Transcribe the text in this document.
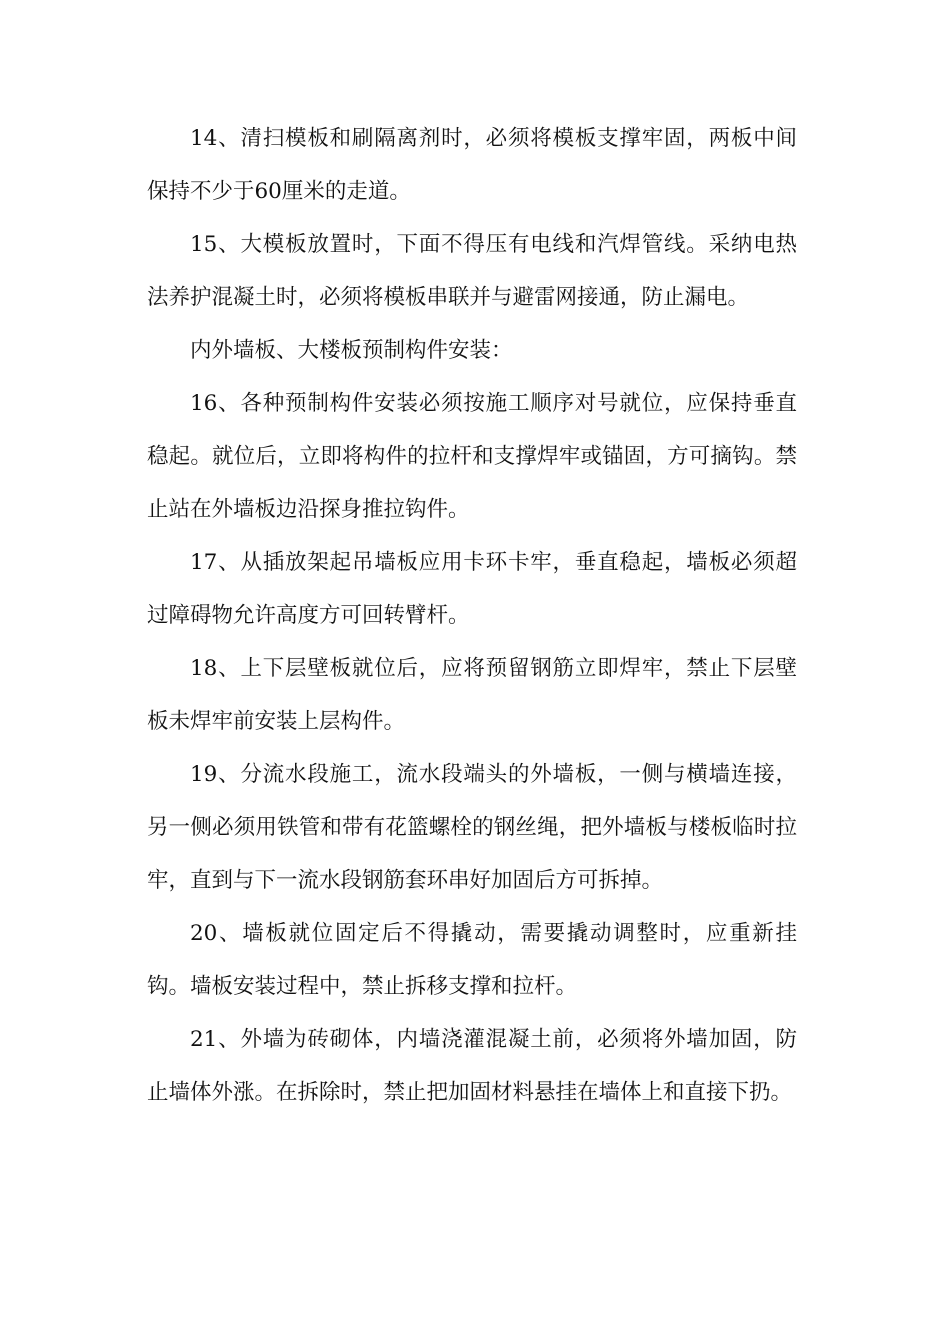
14、清扫模板和刷隔离剂时，必须将模板支撑牢固，两板中间保持不少于60厘米的走道。

15、大模板放置时，下面不得压有电线和汽焊管线。采纳电热法养护混凝土时，必须将模板串联并与避雷网接通，防止漏电。

内外墙板、大楼板预制构件安装：

16、各种预制构件安装必须按施工顺序对号就位，应保持垂直稳起。就位后，立即将构件的拉杆和支撑焊牢或锚固，方可摘钩。禁止站在外墙板边沿探身推拉钩件。

17、从插放架起吊墙板应用卡环卡牢，垂直稳起，墙板必须超过障碍物允许高度方可回转臂杆。

18、上下层壁板就位后，应将预留钢筋立即焊牢，禁止下层壁板未焊牢前安装上层构件。

19、分流水段施工，流水段端头的外墙板，一侧与横墙连接，另一侧必须用铁管和带有花篮螺栓的钢丝绳，把外墙板与楼板临时拉牢，直到与下一流水段钢筋套环串好加固后方可拆掉。

20、墙板就位固定后不得撬动，需要撬动调整时，应重新挂钩。墙板安装过程中，禁止拆移支撑和拉杆。

21、外墙为砖砌体，内墙浇灌混凝土前，必须将外墙加固，防止墙体外涨。在拆除时，禁止把加固材料悬挂在墙体上和直接下扔。
